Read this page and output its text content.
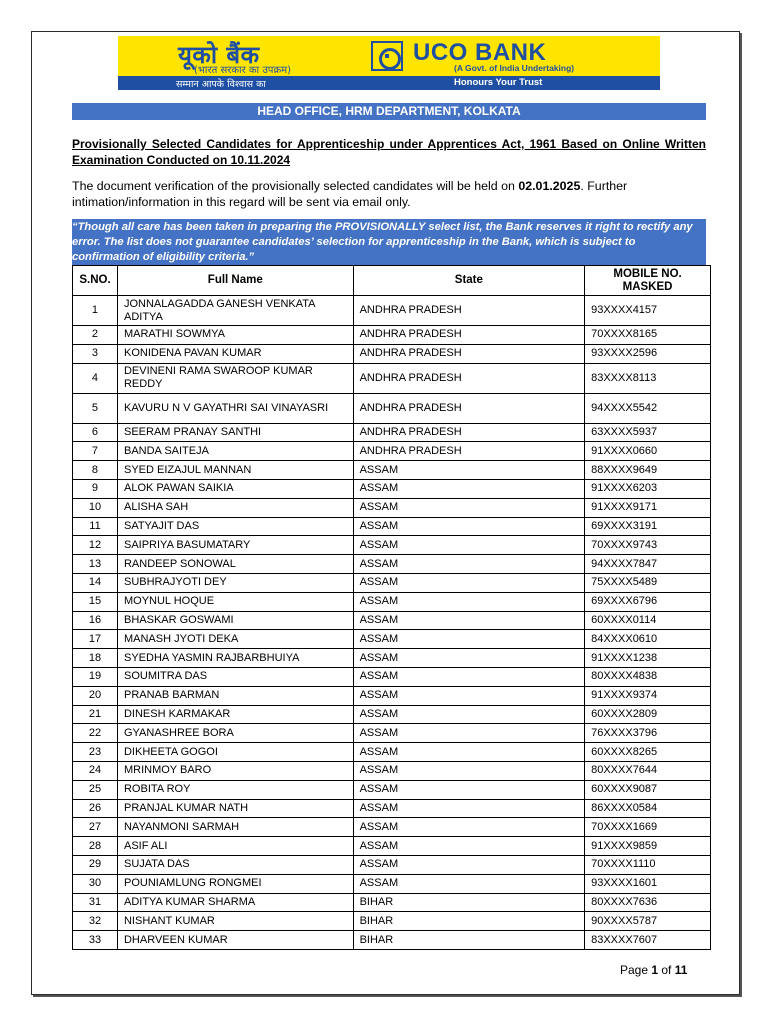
यूको बैंक
(भारत सरकार का उपक्रम)
UCO BANK
(A Govt. of India Undertaking)
सम्मान आपके विश्वास का	Honours Your Trust
HEAD OFFICE, HRM DEPARTMENT, KOLKATA
Provisionally Selected Candidates for Apprenticeship under Apprentices Act, 1961 Based on Online Written Examination Conducted on 10.11.2024
The document verification of the provisionally selected candidates will be held on 02.01.2025. Further intimation/information in this regard will be sent via email only.
“Though all care has been taken in preparing the PROVISIONALLY select list, the Bank reserves it right to rectify any error. The list does not guarantee candidates’ selection for apprenticeship in the Bank, which is subject to confirmation of eligibility criteria.”
S.NO.	Full Name	State	MOBILE NO. MASKED
1	JONNALAGADDA GANESH VENKATA ADITYA	ANDHRA PRADESH	93XXXX4157
2	MARATHI SOWMYA	ANDHRA PRADESH	70XXXX8165
3	KONIDENA PAVAN KUMAR	ANDHRA PRADESH	93XXXX2596
4	DEVINENI RAMA SWAROOP KUMAR REDDY	ANDHRA PRADESH	83XXXX8113
5	KAVURU N V GAYATHRI SAI VINAYASRI	ANDHRA PRADESH	94XXXX5542
6	SEERAM PRANAY SANTHI	ANDHRA PRADESH	63XXXX5937
7	BANDA SAITEJA	ANDHRA PRADESH	91XXXX0660
8	SYED EIZAJUL MANNAN	ASSAM	88XXXX9649
9	ALOK PAWAN SAIKIA	ASSAM	91XXXX6203
10	ALISHA SAH	ASSAM	91XXXX9171
11	SATYAJIT DAS	ASSAM	69XXXX3191
12	SAIPRIYA BASUMATARY	ASSAM	70XXXX9743
13	RANDEEP SONOWAL	ASSAM	94XXXX7847
14	SUBHRAJYOTI DEY	ASSAM	75XXXX5489
15	MOYNUL HOQUE	ASSAM	69XXXX6796
16	BHASKAR GOSWAMI	ASSAM	60XXXX0114
17	MANASH JYOTI DEKA	ASSAM	84XXXX0610
18	SYEDHA YASMIN RAJBARBHUIYA	ASSAM	91XXXX1238
19	SOUMITRA DAS	ASSAM	80XXXX4838
20	PRANAB BARMAN	ASSAM	91XXXX9374
21	DINESH KARMAKAR	ASSAM	60XXXX2809
22	GYANASHREE BORA	ASSAM	76XXXX3796
23	DIKHEETA GOGOI	ASSAM	60XXXX8265
24	MRINMOY BARO	ASSAM	80XXXX7644
25	ROBITA ROY	ASSAM	60XXXX9087
26	PRANJAL KUMAR NATH	ASSAM	86XXXX0584
27	NAYANMONI SARMAH	ASSAM	70XXXX1669
28	ASIF ALI	ASSAM	91XXXX9859
29	SUJATA DAS	ASSAM	70XXXX1110
30	POUNIAMLUNG RONGMEI	ASSAM	93XXXX1601
31	ADITYA KUMAR SHARMA	BIHAR	80XXXX7636
32	NISHANT KUMAR	BIHAR	90XXXX5787
33	DHARVEEN KUMAR	BIHAR	83XXXX7607
Page 1 of 11
